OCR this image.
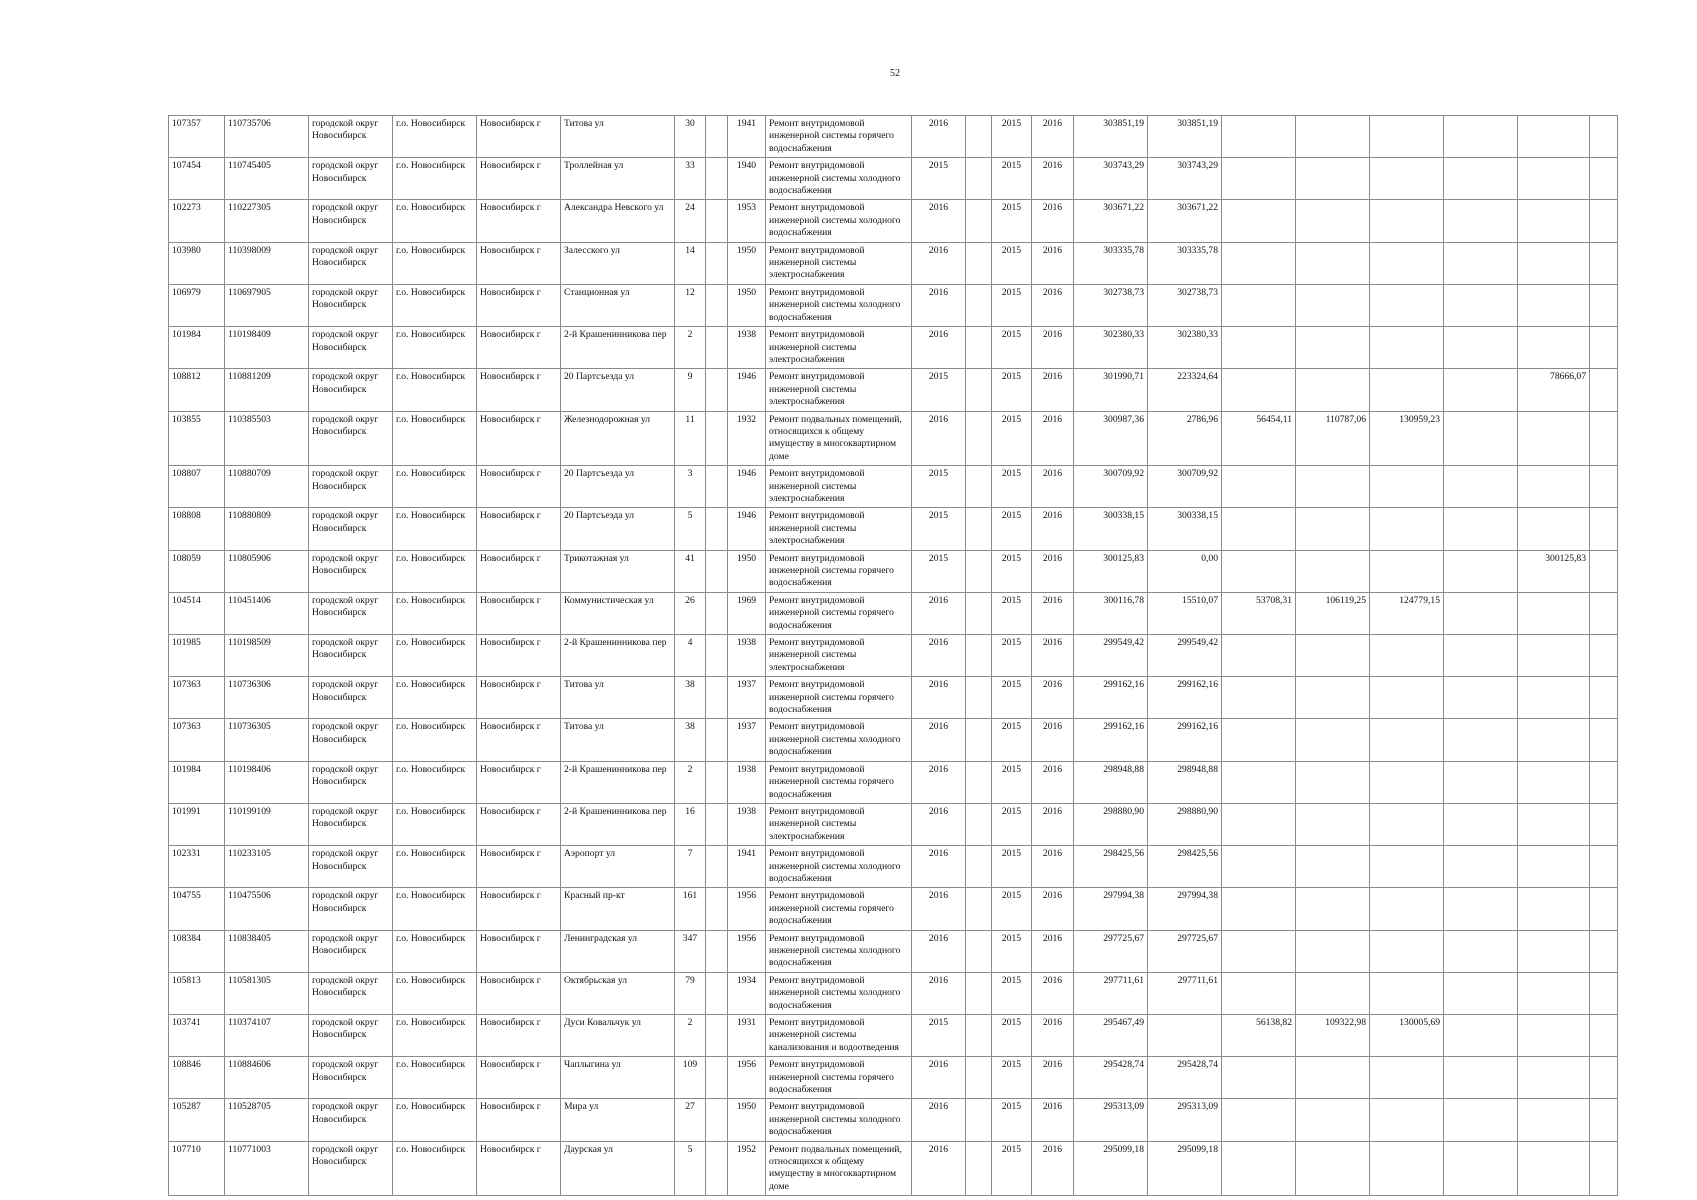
52
107357	110735706	городской округ Новосибирск	г.о. Новосибирск	Новосибирск г	Титова ул	30		1941	Ремонт внутридомовой инженерной системы горячего водоснабжения	2016		2015	2016	303851,19	303851,19						
107454	110745405	городской округ Новосибирск	г.о. Новосибирск	Новосибирск г	Троллейная ул	33		1940	Ремонт внутридомовой инженерной системы холодного водоснабжения	2015		2015	2016	303743,29	303743,29						
102273	110227305	городской округ Новосибирск	г.о. Новосибирск	Новосибирск г	Александра Невского ул	24		1953	Ремонт внутридомовой инженерной системы холодного водоснабжения	2016		2015	2016	303671,22	303671,22						
103980	110398009	городской округ Новосибирск	г.о. Новосибирск	Новосибирск г	Залесского ул	14		1950	Ремонт внутридомовой инженерной системы электроснабжения	2016		2015	2016	303335,78	303335,78						
106979	110697905	городской округ Новосибирск	г.о. Новосибирск	Новосибирск г	Станционная ул	12		1950	Ремонт внутридомовой инженерной системы холодного водоснабжения	2016		2015	2016	302738,73	302738,73						
101984	110198409	городской округ Новосибирск	г.о. Новосибирск	Новосибирск г	2-й Крашенинникова пер	2		1938	Ремонт внутридомовой инженерной системы электроснабжения	2016		2015	2016	302380,33	302380,33						
108812	110881209	городской округ Новосибирск	г.о. Новосибирск	Новосибирск г	20 Партсъезда ул	9		1946	Ремонт внутридомовой инженерной системы электроснабжения	2015		2015	2016	301990,71	223324,64					78666,07	
103855	110385503	городской округ Новосибирск	г.о. Новосибирск	Новосибирск г	Железнодорожная ул	11		1932	Ремонт подвальных помещений, относящихся к общему имуществу в многоквартирном доме	2016		2015	2016	300987,36	2786,96	56454,11	110787,06	130959,23			
108807	110880709	городской округ Новосибирск	г.о. Новосибирск	Новосибирск г	20 Партсъезда ул	3		1946	Ремонт внутридомовой инженерной системы электроснабжения	2015		2015	2016	300709,92	300709,92						
108808	110880809	городской округ Новосибирск	г.о. Новосибирск	Новосибирск г	20 Партсъезда ул	5		1946	Ремонт внутридомовой инженерной системы электроснабжения	2015		2015	2016	300338,15	300338,15						
108059	110805906	городской округ Новосибирск	г.о. Новосибирск	Новосибирск г	Трикотажная ул	41		1950	Ремонт внутридомовой инженерной системы горячего водоснабжения	2015		2015	2016	300125,83	0,00					300125,83	
104514	110451406	городской округ Новосибирск	г.о. Новосибирск	Новосибирск г	Коммунистическая ул	26		1969	Ремонт внутридомовой инженерной системы горячего водоснабжения	2016		2015	2016	300116,78	15510,07	53708,31	106119,25	124779,15			
101985	110198509	городской округ Новосибирск	г.о. Новосибирск	Новосибирск г	2-й Крашенинникова пер	4		1938	Ремонт внутридомовой инженерной системы электроснабжения	2016		2015	2016	299549,42	299549,42						
107363	110736306	городской округ Новосибирск	г.о. Новосибирск	Новосибирск г	Титова ул	38		1937	Ремонт внутридомовой инженерной системы горячего водоснабжения	2016		2015	2016	299162,16	299162,16						
107363	110736305	городской округ Новосибирск	г.о. Новосибирск	Новосибирск г	Титова ул	38		1937	Ремонт внутридомовой инженерной системы холодного водоснабжения	2016		2015	2016	299162,16	299162,16						
101984	110198406	городской округ Новосибирск	г.о. Новосибирск	Новосибирск г	2-й Крашенинникова пер	2		1938	Ремонт внутридомовой инженерной системы горячего водоснабжения	2016		2015	2016	298948,88	298948,88						
101991	110199109	городской округ Новосибирск	г.о. Новосибирск	Новосибирск г	2-й Крашенинникова пер	16		1938	Ремонт внутридомовой инженерной системы электроснабжения	2016		2015	2016	298880,90	298880,90						
102331	110233105	городской округ Новосибирск	г.о. Новосибирск	Новосибирск г	Аэропорт ул	7		1941	Ремонт внутридомовой инженерной системы холодного водоснабжения	2016		2015	2016	298425,56	298425,56						
104755	110475506	городской округ Новосибирск	г.о. Новосибирск	Новосибирск г	Красный пр-кт	161		1956	Ремонт внутридомовой инженерной системы горячего водоснабжения	2016		2015	2016	297994,38	297994,38						
108384	110838405	городской округ Новосибирск	г.о. Новосибирск	Новосибирск г	Ленинградская ул	347		1956	Ремонт внутридомовой инженерной системы холодного водоснабжения	2016		2015	2016	297725,67	297725,67						
105813	110581305	городской округ Новосибирск	г.о. Новосибирск	Новосибирск г	Октябрьская ул	79		1934	Ремонт внутридомовой инженерной системы холодного водоснабжения	2016		2015	2016	297711,61	297711,61						
103741	110374107	городской округ Новосибирск	г.о. Новосибирск	Новосибирск г	Дуси Ковальчук ул	2		1931	Ремонт внутридомовой инженерной системы канализования и водоотведения	2015		2015	2016	295467,49		56138,82	109322,98	130005,69			
108846	110884606	городской округ Новосибирск	г.о. Новосибирск	Новосибирск г	Чаплыгина ул	109		1956	Ремонт внутридомовой инженерной системы горячего водоснабжения	2016		2015	2016	295428,74	295428,74						
105287	110528705	городской округ Новосибирск	г.о. Новосибирск	Новосибирск г	Мира ул	27		1950	Ремонт внутридомовой инженерной системы холодного водоснабжения	2016		2015	2016	295313,09	295313,09						
107710	110771003	городской округ Новосибирск	г.о. Новосибирск	Новосибирск г	Даурская ул	5		1952	Ремонт подвальных помещений, относящихся к общему имуществу в многоквартирном доме	2016		2015	2016	295099,18	295099,18						
